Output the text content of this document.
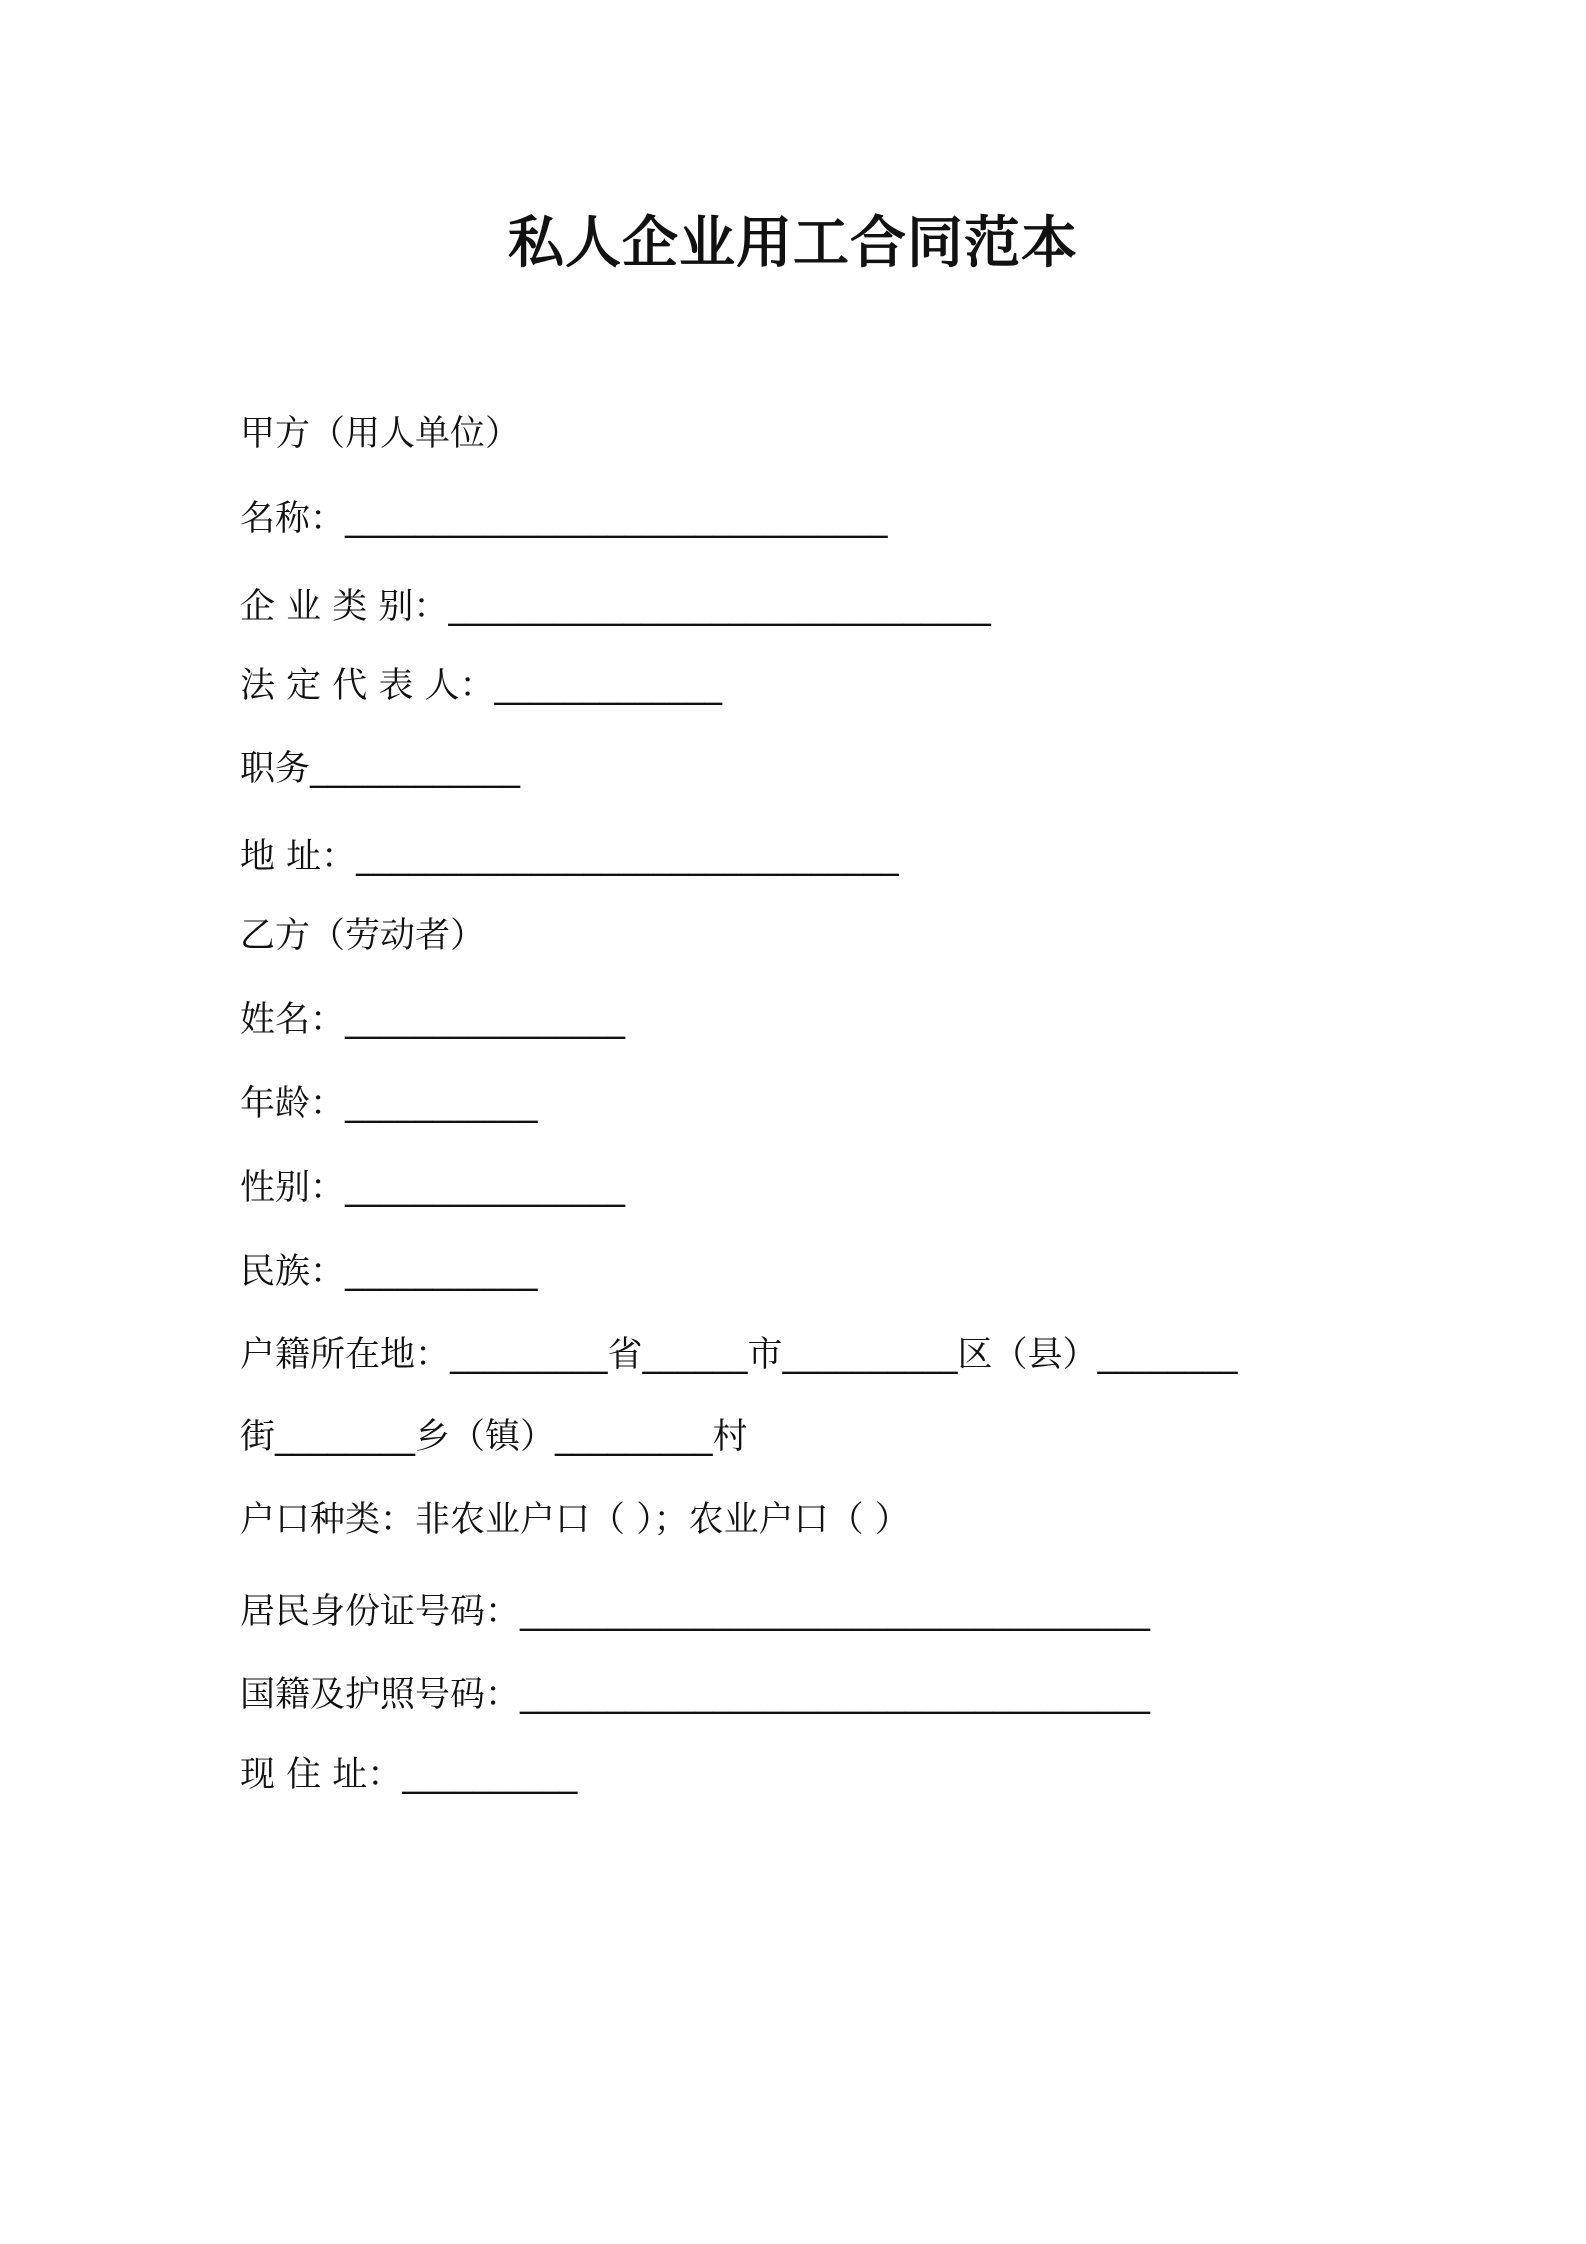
私人企业用工合同范本
甲方（用人单位）
名称：_______________________________
企 业 类 别：_______________________________
法 定 代 表 人：_____________
职务____________
地 址：_______________________________
乙方（劳动者）
姓名：________________
年龄：___________
性别：________________
民族：___________
户籍所在地：_________省______市__________区（县）________
街________乡（镇）_________村
户口种类：非农业户口（ ）；农业户口（ ）
居民身份证号码：____________________________________
国籍及护照号码：____________________________________
现 住 址：__________
